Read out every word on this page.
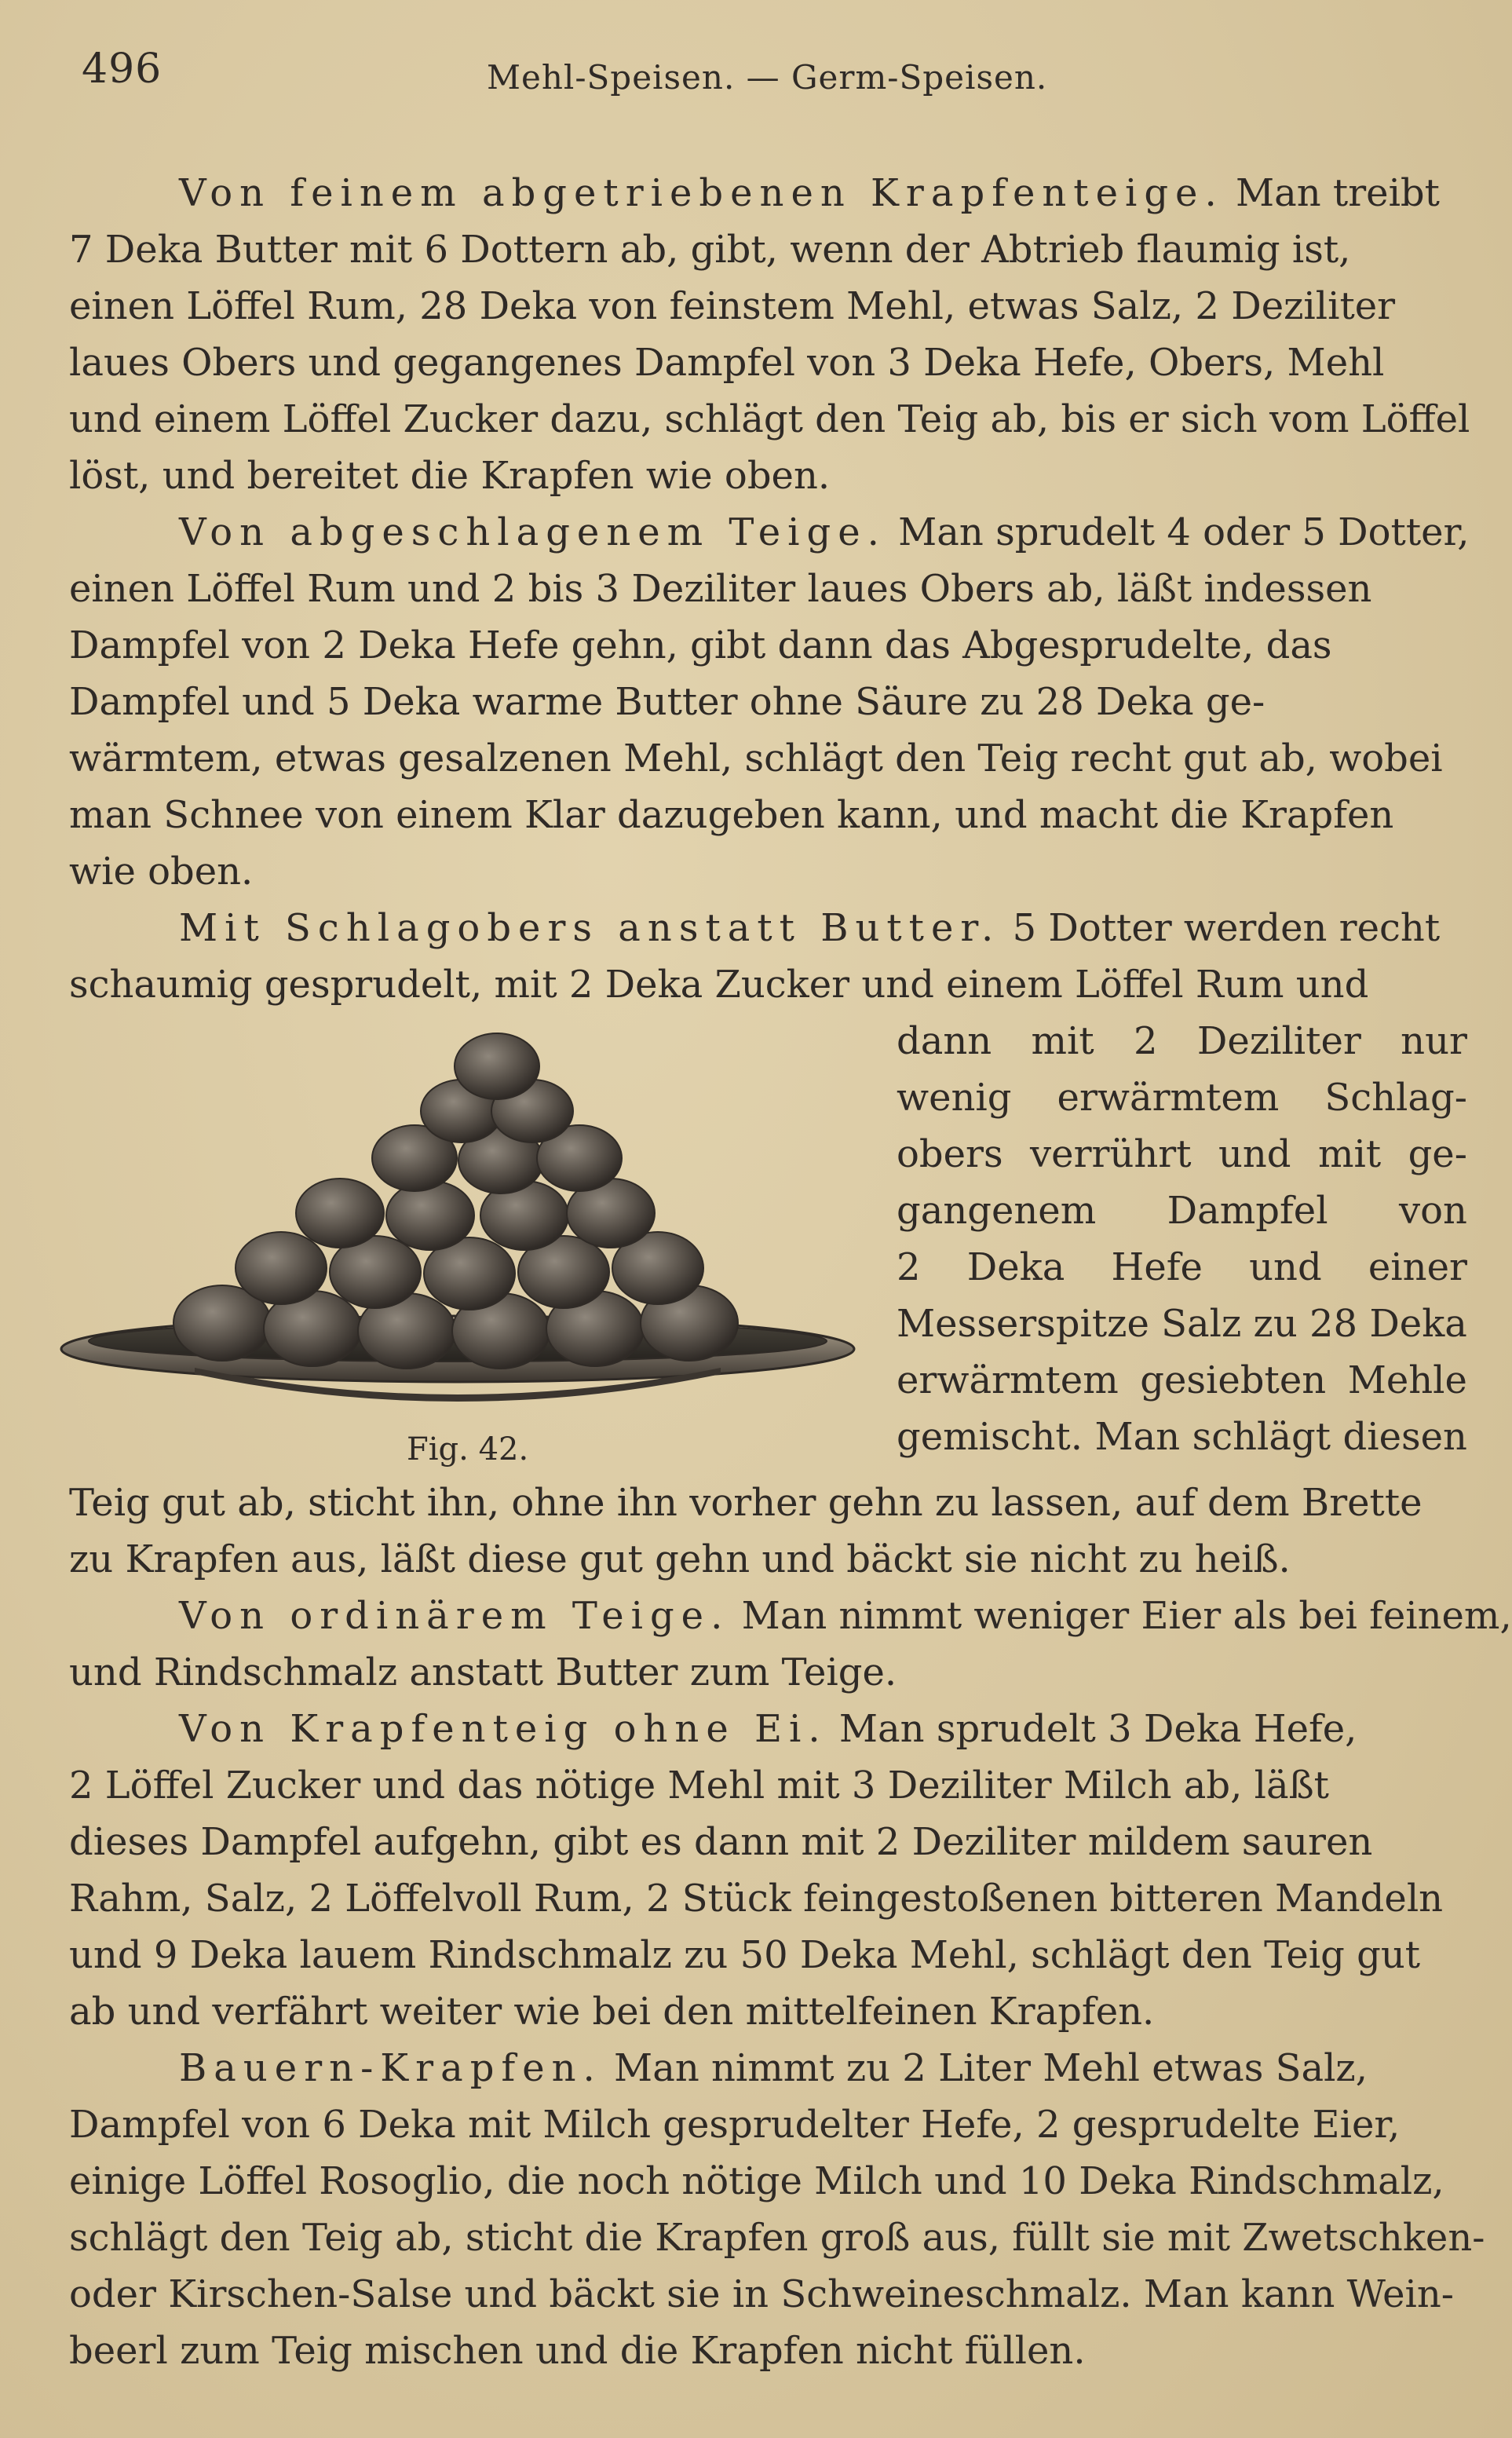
496	Mehl-Speisen. — Germ-Speisen.
Von feinem abgetriebenen Krapfenteige. Man treibt
7 Deka Butter mit 6 Dottern ab, gibt, wenn der Abtrieb flaumig ist,
einen Löffel Rum, 28 Deka von feinstem Mehl, etwas Salz, 2 Deziliter
laues Obers und gegangenes Dampfel von 3 Deka Hefe, Obers, Mehl
und einem Löffel Zucker dazu, schlägt den Teig ab, bis er sich vom Löffel
löst, und bereitet die Krapfen wie oben.
Von abgeschlagenem Teige. Man sprudelt 4 oder 5 Dotter,
einen Löffel Rum und 2 bis 3 Deziliter laues Obers ab, läßt indessen
Dampfel von 2 Deka Hefe gehn, gibt dann das Abgesprudelte, das
Dampfel und 5 Deka warme Butter ohne Säure zu 28 Deka ge-
wärmtem, etwas gesalzenen Mehl, schlägt den Teig recht gut ab, wobei
man Schnee von einem Klar dazugeben kann, und macht die Krapfen
wie oben.
Mit Schlagobers anstatt Butter. 5 Dotter werden recht
schaumig gesprudelt, mit 2 Deka Zucker und einem Löffel Rum und
Fig. 42.
dann mit 2 Deziliter nur
wenig erwärmtem Schlag-
obers verrührt und mit ge-
gangenem Dampfel von
2 Deka Hefe und einer
Messerspitze Salz zu 28 Deka
erwärmtem gesiebten Mehle
gemischt. Man schlägt diesen
Teig gut ab, sticht ihn, ohne ihn vorher gehn zu lassen, auf dem Brette
zu Krapfen aus, läßt diese gut gehn und bäckt sie nicht zu heiß.
Von ordinärem Teige. Man nimmt weniger Eier als bei feinem,
und Rindschmalz anstatt Butter zum Teige.
Von Krapfenteig ohne Ei. Man sprudelt 3 Deka Hefe,
2 Löffel Zucker und das nötige Mehl mit 3 Deziliter Milch ab, läßt
dieses Dampfel aufgehn, gibt es dann mit 2 Deziliter mildem sauren
Rahm, Salz, 2 Löffelvoll Rum, 2 Stück feingestoßenen bitteren Mandeln
und 9 Deka lauem Rindschmalz zu 50 Deka Mehl, schlägt den Teig gut
ab und verfährt weiter wie bei den mittelfeinen Krapfen.
Bauern-Krapfen. Man nimmt zu 2 Liter Mehl etwas Salz,
Dampfel von 6 Deka mit Milch gesprudelter Hefe, 2 gesprudelte Eier,
einige Löffel Rosoglio, die noch nötige Milch und 10 Deka Rindschmalz,
schlägt den Teig ab, sticht die Krapfen groß aus, füllt sie mit Zwetschken-
oder Kirschen-Salse und bäckt sie in Schweineschmalz. Man kann Wein-
beerl zum Teig mischen und die Krapfen nicht füllen.
